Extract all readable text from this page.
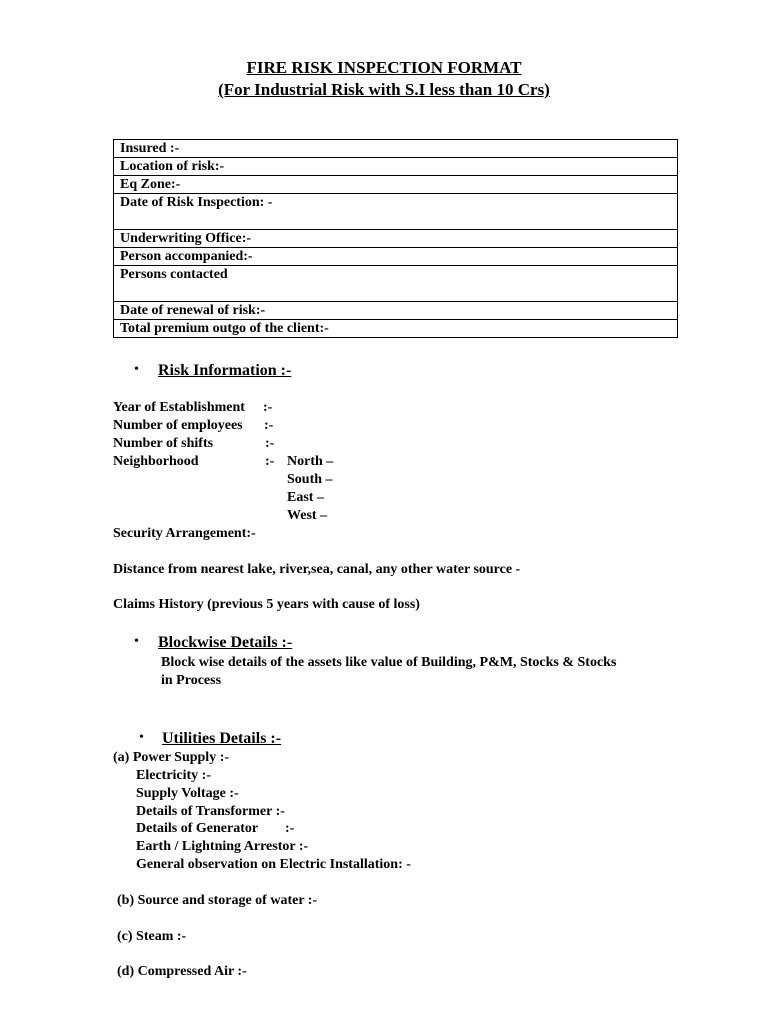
FIRE RISK INSPECTION FORMAT
(For Industrial Risk with S.I less than 10 Crs)
Insured :-
Location of risk:-
Eq Zone:-
Date of Risk Inspection: -
Underwriting Office:-
Person accompanied:-
Persons contacted
Date of renewal of risk:-
Total premium outgo of the client:-
• Risk Information :-
Year of Establishment :-
Number of employees :-
Number of shifts	:-
Neighborhood	:- North –
South –
East –
West –
Security Arrangement:-
Distance from nearest lake, river,sea, canal, any other water source -
Claims History (previous 5 years with cause of loss)
• Blockwise Details :-
Block wise details of the assets like value of Building, P&M, Stocks & Stocks
in Process
• Utilities Details :-
(a) Power Supply :-
Electricity :-
Supply Voltage :-
Details of Transformer :-
Details of Generator :-
Earth / Lightning Arrestor :-
General observation on Electric Installation: -
(b) Source and storage of water :-
(c) Steam :-
(d) Compressed Air :-
